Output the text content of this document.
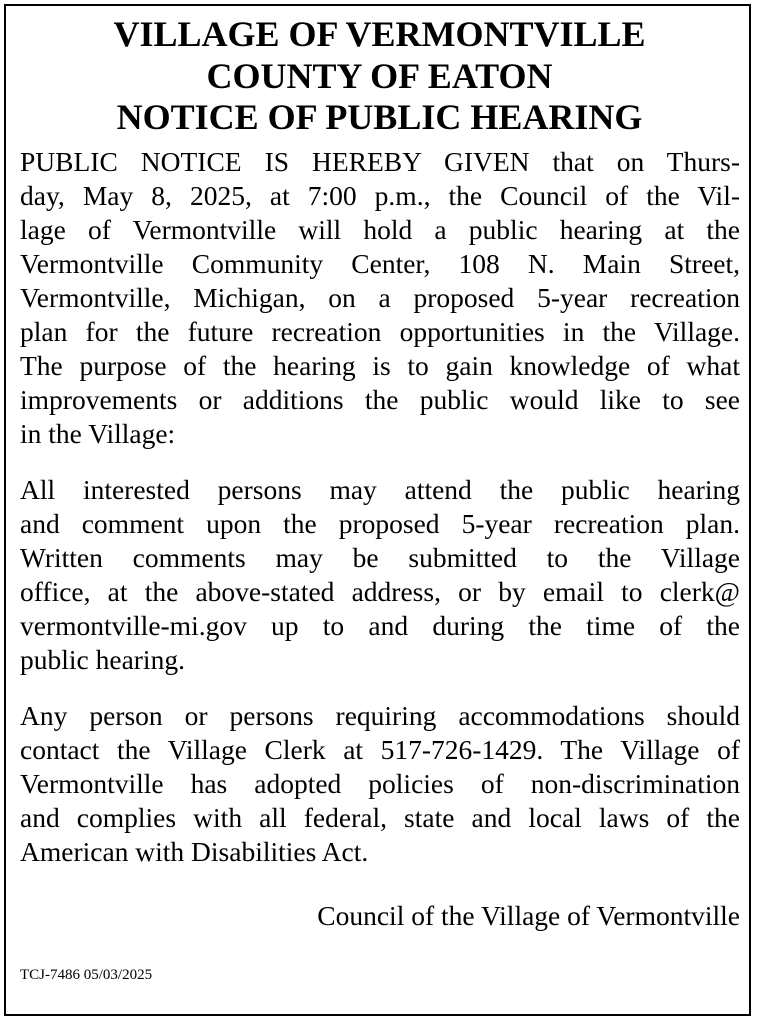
VILLAGE OF VERMONTVILLE
COUNTY OF EATON
NOTICE OF PUBLIC HEARING
PUBLIC NOTICE IS HEREBY GIVEN that on Thurs-
day, May 8, 2025, at 7:00 p.m., the Council of the Vil-
lage of Vermontville will hold a public hearing at the
Vermontville Community Center, 108 N. Main Street,
Vermontville, Michigan, on a proposed 5-year recreation
plan for the future recreation opportunities in the Village.
The purpose of the hearing is to gain knowledge of what
improvements or additions the public would like to see
in the Village:
All interested persons may attend the public hearing
and comment upon the proposed 5-year recreation plan.
Written comments may be submitted to the Village
office, at the above-stated address, or by email to clerk@
vermontville-mi.gov up to and during the time of the
public hearing.
Any person or persons requiring accommodations should
contact the Village Clerk at 517-726-1429. The Village of
Vermontville has adopted policies of non-discrimination
and complies with all federal, state and local laws of the
American with Disabilities Act.
Council of the Village of Vermontville
TCJ-7486 05/03/2025
